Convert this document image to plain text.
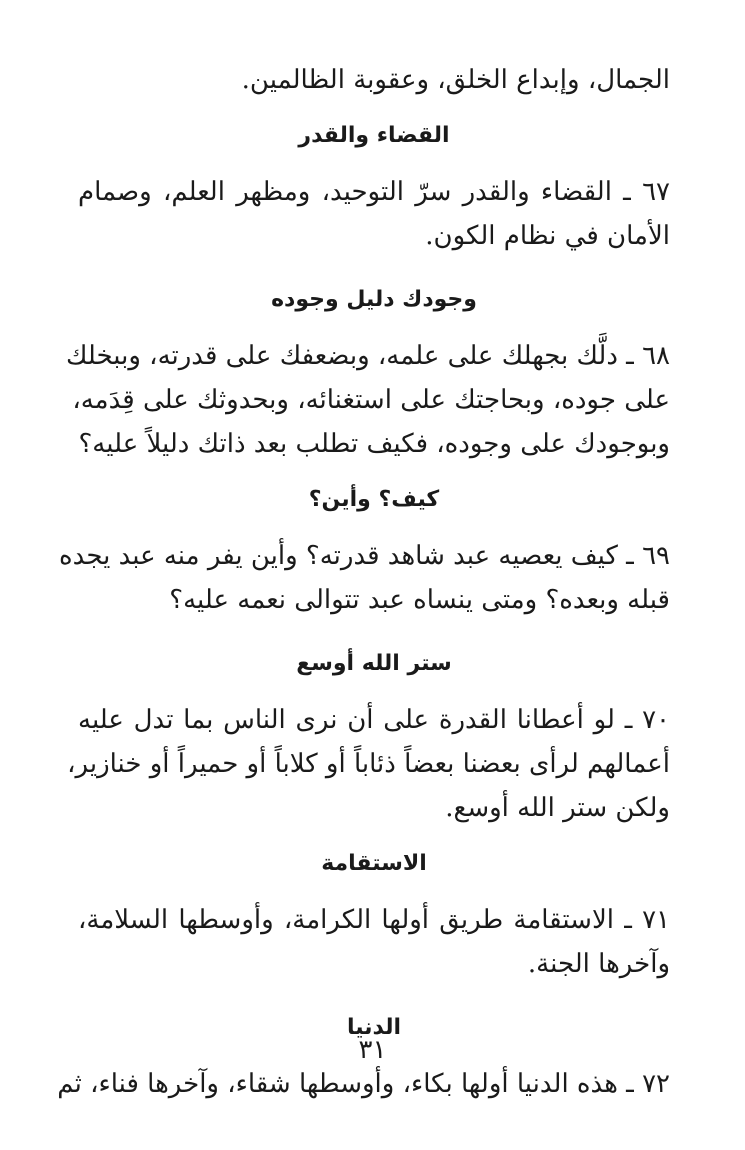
الجمال، وإبداع الخلق، وعقوبة الظالمين.
القضاء والقدر
٦٧ ـ القضاء والقدر سرّ التوحيد، ومظهر العلم، وصمام
الأمان في نظام الكون.
وجودك دليل وجوده
٦٨ ـ دلَّك بجهلك على علمه، وبضعفك على قدرته، وببخلك
على جوده، وبحاجتك على استغنائه، وبحدوثك على قِدَمه،
وبوجودك على وجوده، فكيف تطلب بعد ذاتك دليلاً عليه؟
كيف؟ وأين؟
٦٩ ـ كيف يعصيه عبد شاهد قدرته؟ وأين يفر منه عبد يجده
قبله وبعده؟ ومتى ينساه عبد تتوالى نعمه عليه؟
ستر الله أوسع
٧٠ ـ لو أعطانا القدرة على أن نرى الناس بما تدل عليه
أعمالهم لرأى بعضنا بعضاً ذئاباً أو كلاباً أو حميراً أو خنازير،
ولكن ستر الله أوسع.
الاستقامة
٧١ ـ الاستقامة طريق أولها الكرامة، وأوسطها السلامة،
وآخرها الجنة.
الدنيا
٧٢ ـ هذه الدنيا أولها بكاء، وأوسطها شقاء، وآخرها فناء، ثم
٣١
